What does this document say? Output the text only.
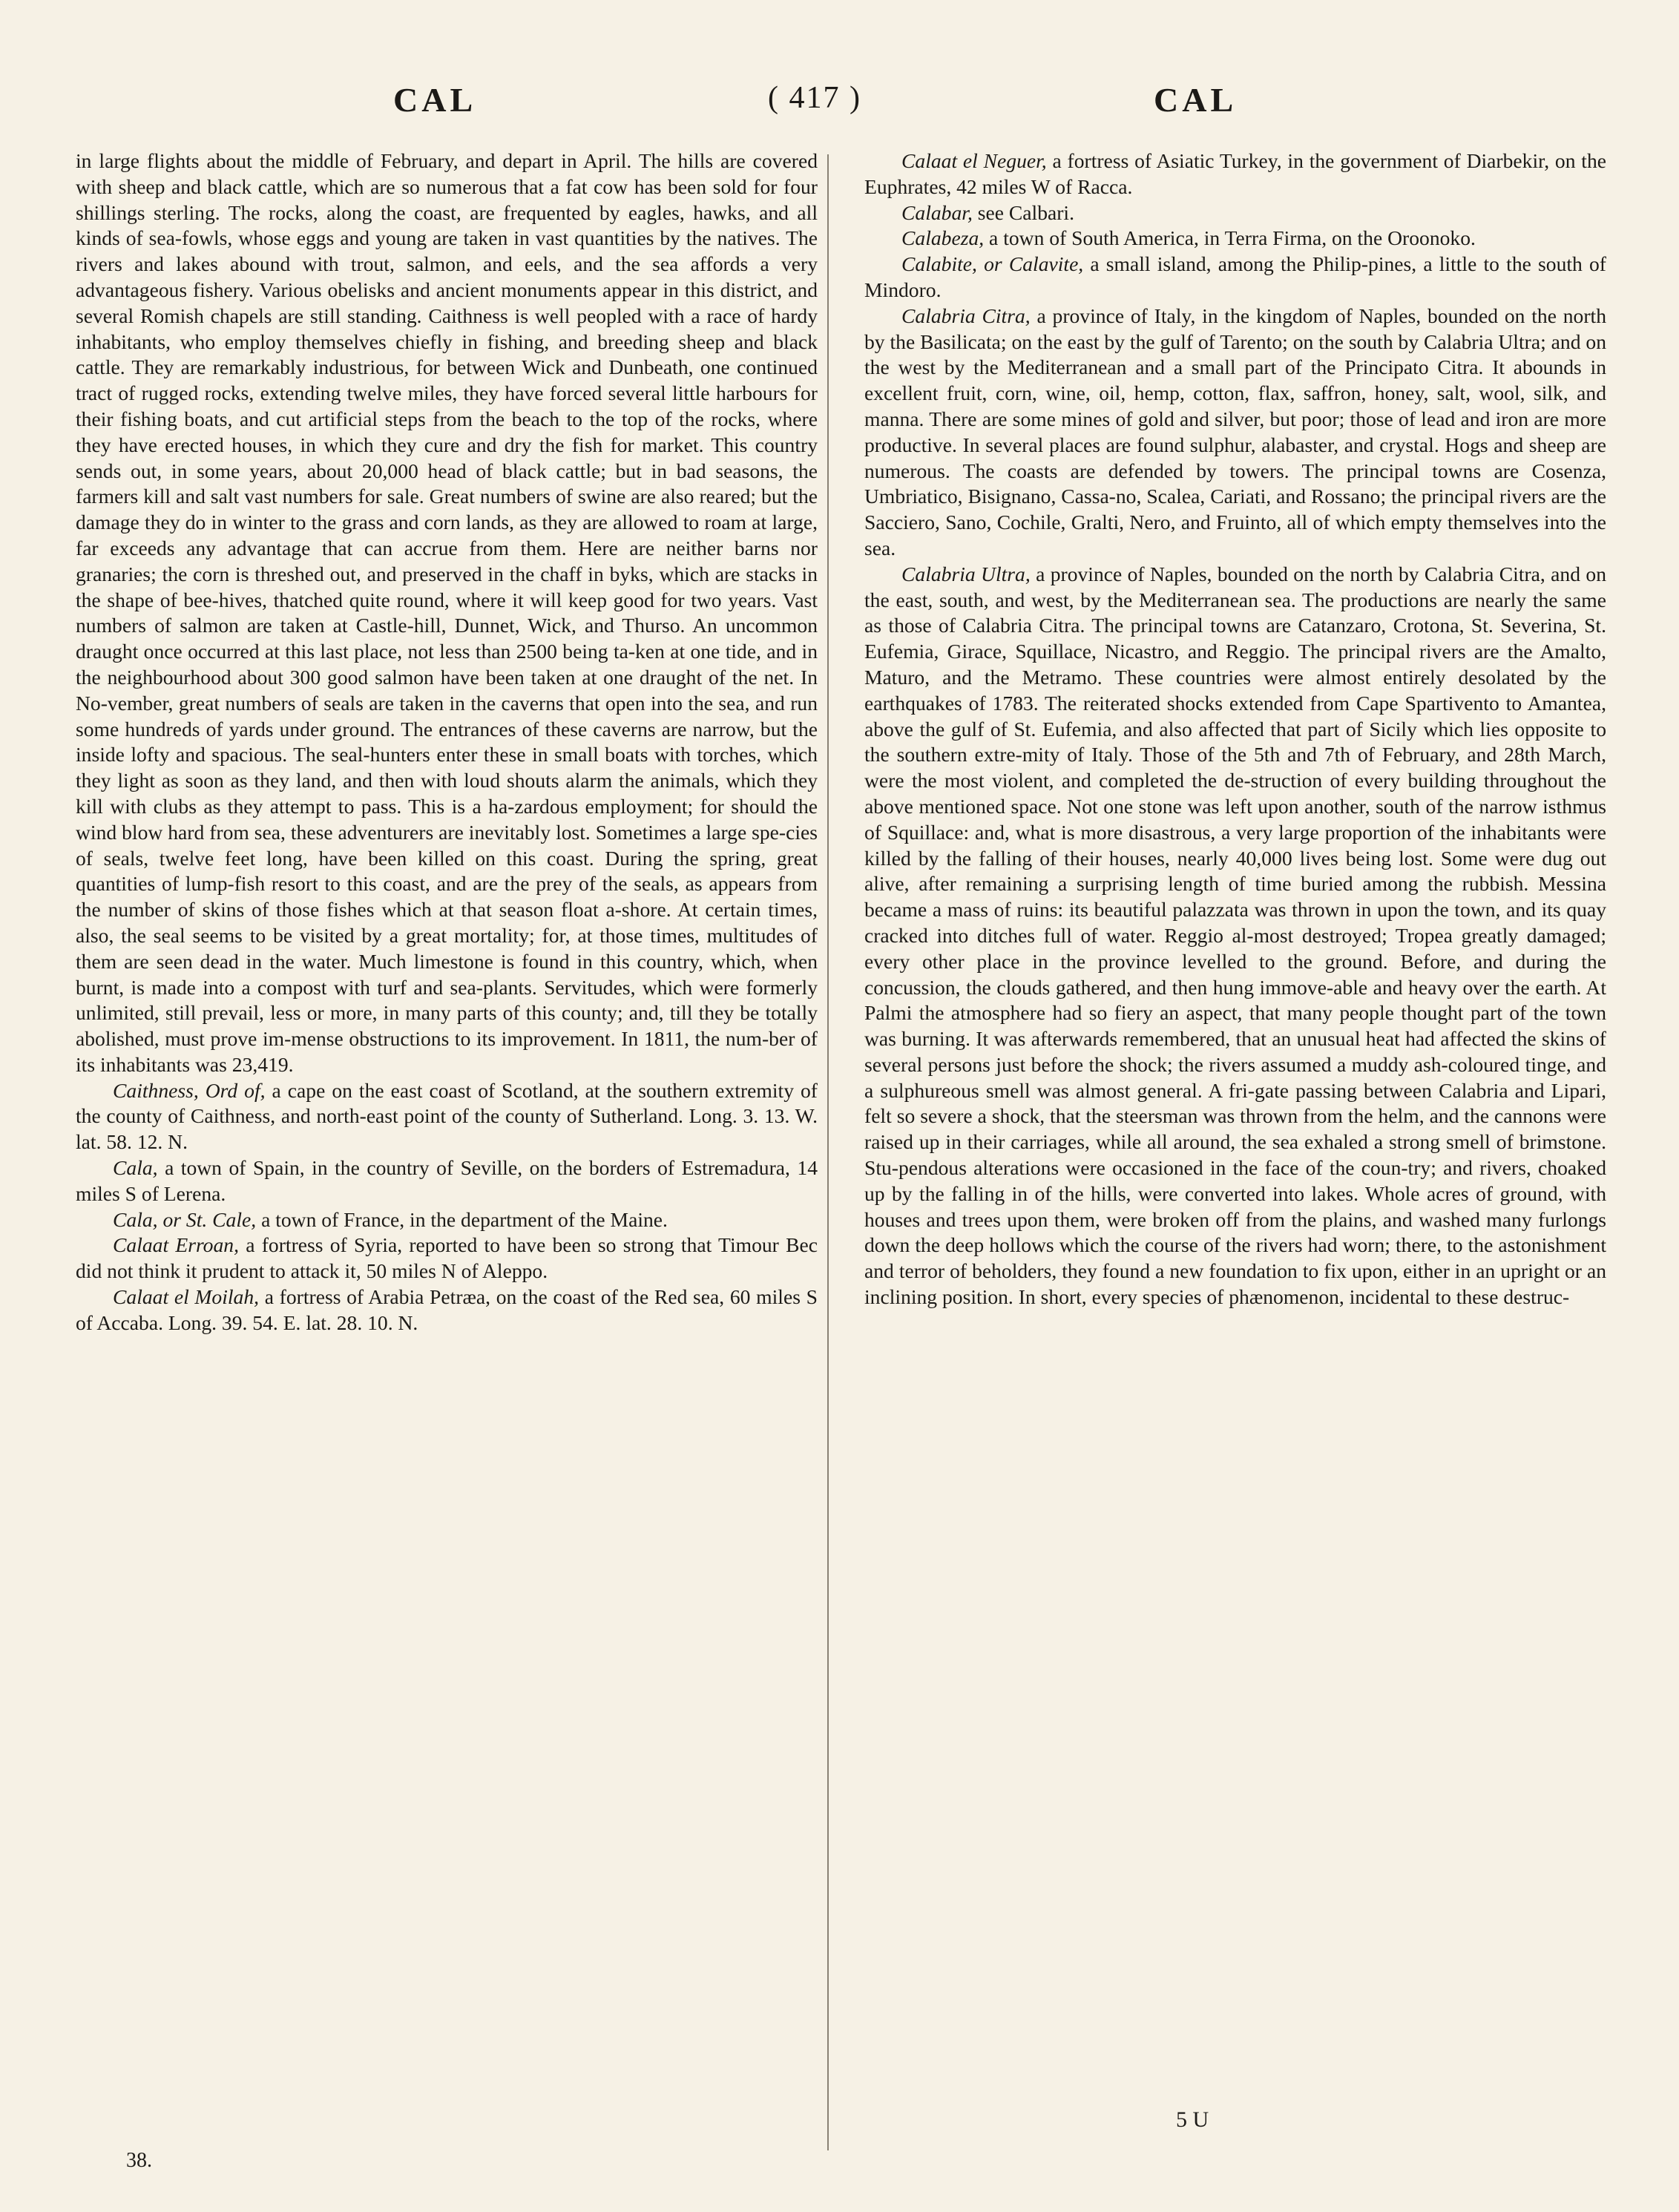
CAL	( 417 )	CAL

in large flights about the middle of February, and depart in April. The hills are covered with sheep and black cattle, which are so numerous that a fat cow has been sold for four shillings sterling. The rocks, along the coast, are frequented by eagles, hawks, and all kinds of sea-fowls, whose eggs and young are taken in vast quantities by the natives. The rivers and lakes abound with trout, salmon, and eels, and the sea affords a very advantageous fishery. Various obelisks and ancient monuments appear in this district, and several Romish chapels are still standing. Caithness is well peopled with a race of hardy inhabitants, who employ themselves chiefly in fishing, and breeding sheep and black cattle. They are remarkably industrious, for between Wick and Dunbeath, one continued tract of rugged rocks, extending twelve miles, they have forced several little harbours for their fishing boats, and cut artificial steps from the beach to the top of the rocks, where they have erected houses, in which they cure and dry the fish for market. This country sends out, in some years, about 20,000 head of black cattle; but in bad seasons, the farmers kill and salt vast numbers for sale. Great numbers of swine are also reared; but the damage they do in winter to the grass and corn lands, as they are allowed to roam at large, far exceeds any advantage that can accrue from them. Here are neither barns nor granaries; the corn is threshed out, and preserved in the chaff in byks, which are stacks in the shape of bee-hives, thatched quite round, where it will keep good for two years. Vast numbers of salmon are taken at Castle-hill, Dunnet, Wick, and Thurso. An uncommon draught once occurred at this last place, not less than 2500 being ta-ken at one tide, and in the neighbourhood about 300 good salmon have been taken at one draught of the net. In No-vember, great numbers of seals are taken in the caverns that open into the sea, and run some hundreds of yards under ground. The entrances of these caverns are narrow, but the inside lofty and spacious. The seal-hunters enter these in small boats with torches, which they light as soon as they land, and then with loud shouts alarm the animals, which they kill with clubs as they attempt to pass. This is a ha-zardous employment; for should the wind blow hard from sea, these adventurers are inevitably lost. Sometimes a large spe-cies of seals, twelve feet long, have been killed on this coast. During the spring, great quantities of lump-fish resort to this coast, and are the prey of the seals, as appears from the number of skins of those fishes which at that season float a-shore. At certain times, also, the seal seems to be visited by a great mortality; for, at those times, multitudes of them are seen dead in the water. Much limestone is found in this country, which, when burnt, is made into a compost with turf and sea-plants. Servitudes, which were formerly unlimited, still prevail, less or more, in many parts of this county; and, till they be totally abolished, must prove im-mense obstructions to its improvement. In 1811, the num-ber of its inhabitants was 23,419.

Caithness, Ord of, a cape on the east coast of Scotland, at the southern extremity of the county of Caithness, and north-east point of the county of Sutherland. Long. 3. 13. W. lat. 58. 12. N.

Cala, a town of Spain, in the country of Seville, on the borders of Estremadura, 14 miles S of Lerena.

Cala, or St. Cale, a town of France, in the department of the Maine.

Calaat Erroan, a fortress of Syria, reported to have been so strong that Timour Bec did not think it prudent to attack it, 50 miles N of Aleppo.

Calaat el Moilah, a fortress of Arabia Petræa, on the coast of the Red sea, 60 miles S of Accaba. Long. 39. 54. E. lat. 28. 10. N.

Calaat el Neguer, a fortress of Asiatic Turkey, in the government of Diarbekir, on the Euphrates, 42 miles W of Racca.

Calabar, see Calbari.

Calabeza, a town of South America, in Terra Firma, on the Oroonoko.

Calabite, or Calavite, a small island, among the Philip-pines, a little to the south of Mindoro.

Calabria Citra, a province of Italy, in the kingdom of Naples, bounded on the north by the Basilicata; on the east by the gulf of Tarento; on the south by Calabria Ultra; and on the west by the Mediterranean and a small part of the Principato Citra. It abounds in excellent fruit, corn, wine, oil, hemp, cotton, flax, saffron, honey, salt, wool, silk, and manna. There are some mines of gold and silver, but poor; those of lead and iron are more productive. In several places are found sulphur, alabaster, and crystal. Hogs and sheep are numerous. The coasts are defended by towers. The principal towns are Cosenza, Umbriatico, Bisignano, Cassa-no, Scalea, Cariati, and Rossano; the principal rivers are the Sacciero, Sano, Cochile, Gralti, Nero, and Fruinto, all of which empty themselves into the sea.

Calabria Ultra, a province of Naples, bounded on the north by Calabria Citra, and on the east, south, and west, by the Mediterranean sea. The productions are nearly the same as those of Calabria Citra. The principal towns are Catanzaro, Crotona, St. Severina, St. Eufemia, Girace, Squillace, Nicastro, and Reggio. The principal rivers are the Amalto, Maturo, and the Metramo. These countries were almost entirely desolated by the earthquakes of 1783. The reiterated shocks extended from Cape Spartivento to Amantea, above the gulf of St. Eufemia, and also affected that part of Sicily which lies opposite to the southern extre-mity of Italy. Those of the 5th and 7th of February, and 28th March, were the most violent, and completed the de-struction of every building throughout the above mentioned space. Not one stone was left upon another, south of the narrow isthmus of Squillace: and, what is more disastrous, a very large proportion of the inhabitants were killed by the falling of their houses, nearly 40,000 lives being lost. Some were dug out alive, after remaining a surprising length of time buried among the rubbish. Messina became a mass of ruins: its beautiful palazzata was thrown in upon the town, and its quay cracked into ditches full of water. Reggio al-most destroyed; Tropea greatly damaged; every other place in the province levelled to the ground. Before, and during the concussion, the clouds gathered, and then hung immove-able and heavy over the earth. At Palmi the atmosphere had so fiery an aspect, that many people thought part of the town was burning. It was afterwards remembered, that an unusual heat had affected the skins of several persons just before the shock; the rivers assumed a muddy ash-coloured tinge, and a sulphureous smell was almost general. A fri-gate passing between Calabria and Lipari, felt so severe a shock, that the steersman was thrown from the helm, and the cannons were raised up in their carriages, while all around, the sea exhaled a strong smell of brimstone. Stu-pendous alterations were occasioned in the face of the coun-try; and rivers, choaked up by the falling in of the hills, were converted into lakes. Whole acres of ground, with houses and trees upon them, were broken off from the plains, and washed many furlongs down the deep hollows which the course of the rivers had worn; there, to the astonishment and terror of beholders, they found a new foundation to fix upon, either in an upright or an inclining position. In short, every species of phænomenon, incidental to these destruc-

38.
5 U
